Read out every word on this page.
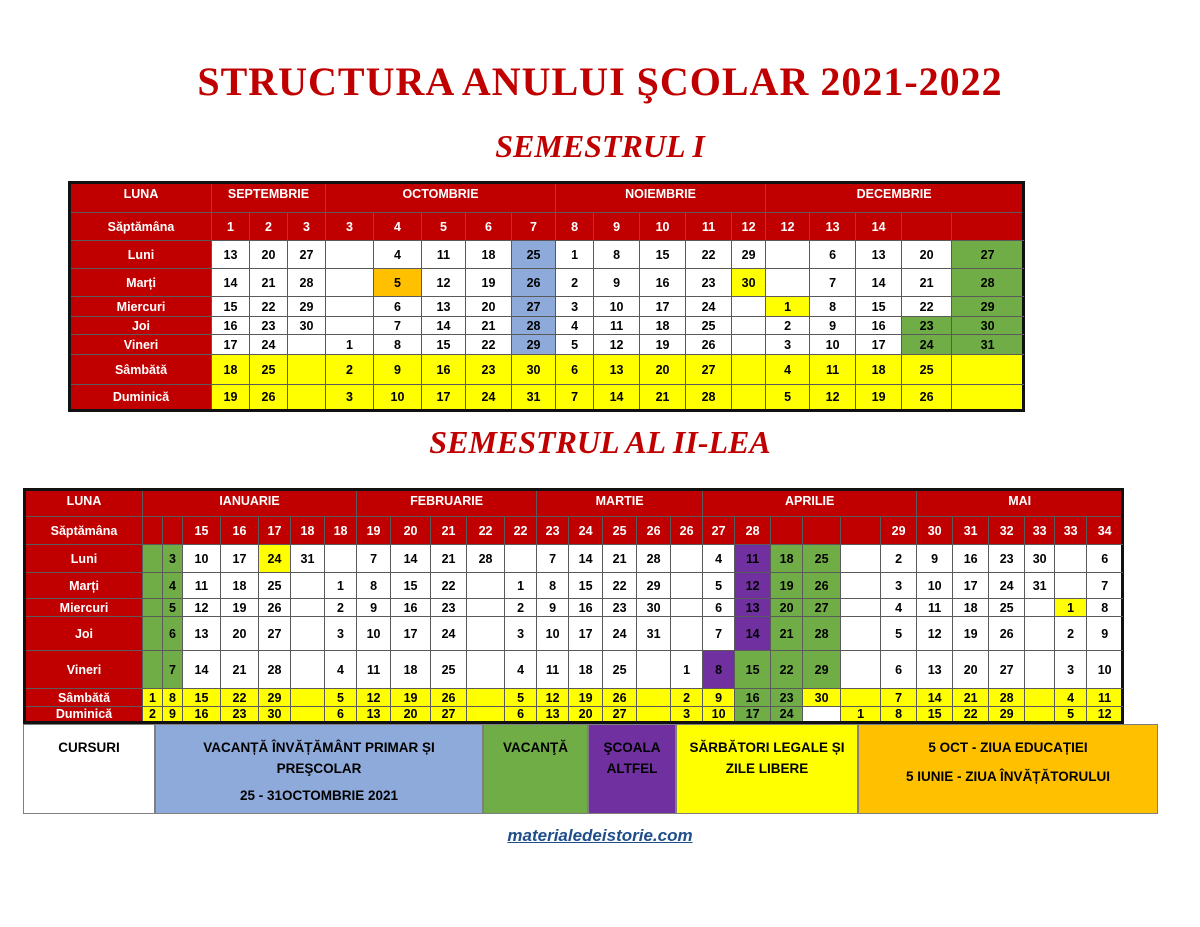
STRUCTURA ANULUI ŞCOLAR 2021-2022
SEMESTRUL I
LUNA	SEPTEMBRIE			OCTOMBRIE					NOIEMBRIE					DECEMBRIE				
Săptămâna	1	2	3	3	4	5	6	7	8	9	10	11	12	12	13	14		
Luni	13	20	27		4	11	18	25	1	8	15	22	29		6	13	20	27
Marți	14	21	28		5	12	19	26	2	9	16	23	30		7	14	21	28
Miercuri	15	22	29		6	13	20	27	3	10	17	24		1	8	15	22	29
Joi	16	23	30		7	14	21	28	4	11	18	25		2	9	16	23	30
Vineri	17	24		1	8	15	22	29	5	12	19	26		3	10	17	24	31
Sâmbătă	18	25		2	9	16	23	30	6	13	20	27		4	11	18	25	
Duminică	19	26		3	10	17	24	31	7	14	21	28		5	12	19	26	
SEMESTRUL AL II-LEA
LUNA	IANUARIE							FEBRUARIE					MARTIE					APRILIE						MAI	
Săptămâna			15	16	17	18	18	19	20	21	22	22	23	24	25	26	26	27	28				29	30	31	32	33	33	34	
Luni		3	10	17	24	31		7	14	21	28		7	14	21	28		4	11	18	25		2	9	16	23	30		6	
Marți		4	11	18	25		1	8	15	22		1	8	15	22	29		5	12	19	26		3	10	17	24	31		7	
Miercuri		5	12	19	26		2	9	16	23		2	9	16	23	30		6	13	20	27		4	11	18	25		1	8	
Joi		6	13	20	27		3	10	17	24		3	10	17	24	31		7	14	21	28		5	12	19	26		2	9	
Vineri		7	14	21	28		4	11	18	25		4	11	18	25		1	8	15	22	29		6	13	20	27		3	10	
Sâmbătă	1	8	15	22	29		5	12	19	26		5	12	19	26		2	9	16	23	30		7	14	21	28		4	11	
Duminică	2	9	16	23	30		6	13	20	27		6	13	20	27		3	10	17	24		1	8	15	22	29		5	12	
CURSURI	VACANȚĂ ÎNVĂȚĂMÂNT PRIMAR ȘI PREŞCOLAR
25 - 31OCTOMBRIE 2021
VACANŢĂ	ŞCOALA ALTFEL
SĂRBĂTORI LEGALE ȘI ZILE LIBERE
5 OCT - ZIUA EDUCAȚIEI
5 IUNIE - ZIUA ÎNVĂȚĂTORULUI
materialedeistorie.com
